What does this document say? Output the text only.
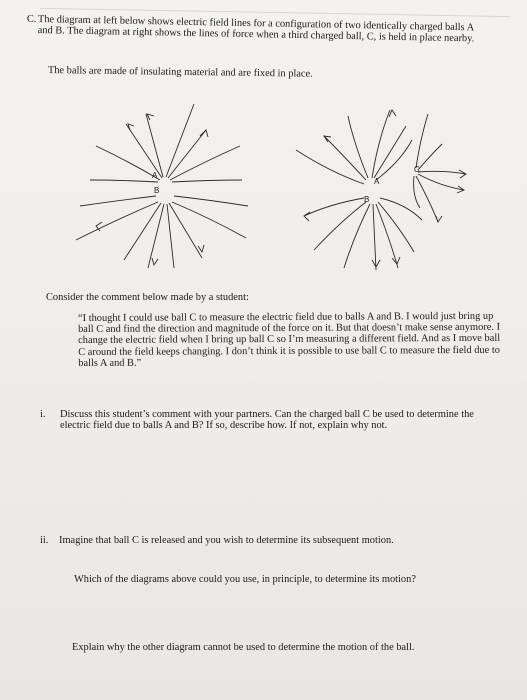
C. The diagram at left below shows electric field lines for a configuration of two identically charged balls A and B. The diagram at right shows the lines of force when a third charged ball, C, is held in place nearby.
The balls are made of insulating material and are fixed in place.
A
B
A
B
C
Consider the comment below made by a student:
“I thought I could use ball C to measure the electric field due to balls A and B. I would just bring up ball C and find the direction and magnitude of the force on it. But that doesn’t make sense anymore. I change the electric field when I bring up ball C so I’m measuring a different field. And as I move ball C around the field keeps changing. I don’t think it is possible to use ball C to measure the field due to balls A and B.”
i.	Discuss this student’s comment with your partners. Can the charged ball C be used to determine the electric field due to balls A and B? If so, describe how. If not, explain why not.
ii. Imagine that ball C is released and you wish to determine its subsequent motion.
Which of the diagrams above could you use, in principle, to determine its motion?
Explain why the other diagram cannot be used to determine the motion of the ball.
